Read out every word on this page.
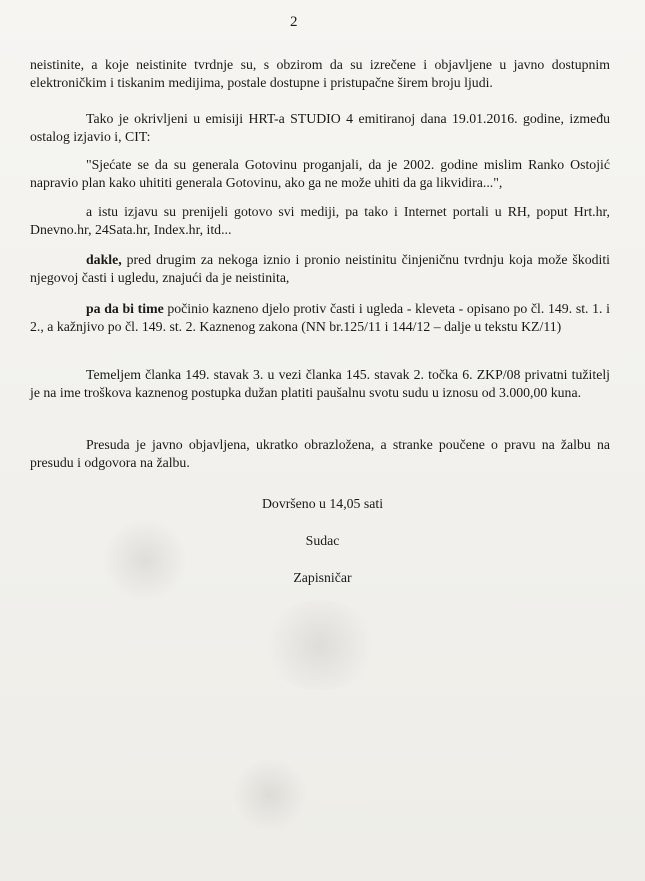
2

neistinite, a koje neistinite tvrdnje su, s obzirom da su izrečene i objavljene u javno dostupnim elektroničkim i tiskanim medijima, postale dostupne i pristupačne širem broju ljudi.

Tako je okrivljeni u emisiji HRT-a STUDIO 4 emitiranoj dana 19.01.2016. godine, između ostalog izjavio i, CIT:

"Sjećate se da su generala Gotovinu proganjali, da je 2002. godine mislim Ranko Ostojić napravio plan kako uhititi generala Gotovinu, ako ga ne može uhiti da ga likvidira...",

a istu izjavu su prenijeli gotovo svi mediji, pa tako i Internet portali u RH, poput Hrt.hr, Dnevno.hr, 24Sata.hr, Index.hr, itd...

dakle, pred drugim za nekoga iznio i pronio neistinitu činjeničnu tvrdnju koja može škoditi njegovoj časti i ugledu, znajući da je neistinita,

pa da bi time počinio kazneno djelo protiv časti i ugleda - kleveta - opisano po čl. 149. st. 1. i 2., a kažnjivo po čl. 149. st. 2. Kaznenog zakona (NN br.125/11 i 144/12 – dalje u tekstu KZ/11)

Temeljem članka 149. stavak 3. u vezi članka 145. stavak 2. točka 6. ZKP/08 privatni tužitelj je na ime troškova kaznenog postupka dužan platiti paušalnu svotu sudu u iznosu od 3.000,00 kuna.

Presuda je javno objavljena, ukratko obrazložena, a stranke poučene o pravu na žalbu na presudu i odgovora na žalbu.

Dovršeno u 14,05 sati

Sudac

Zapisničar
